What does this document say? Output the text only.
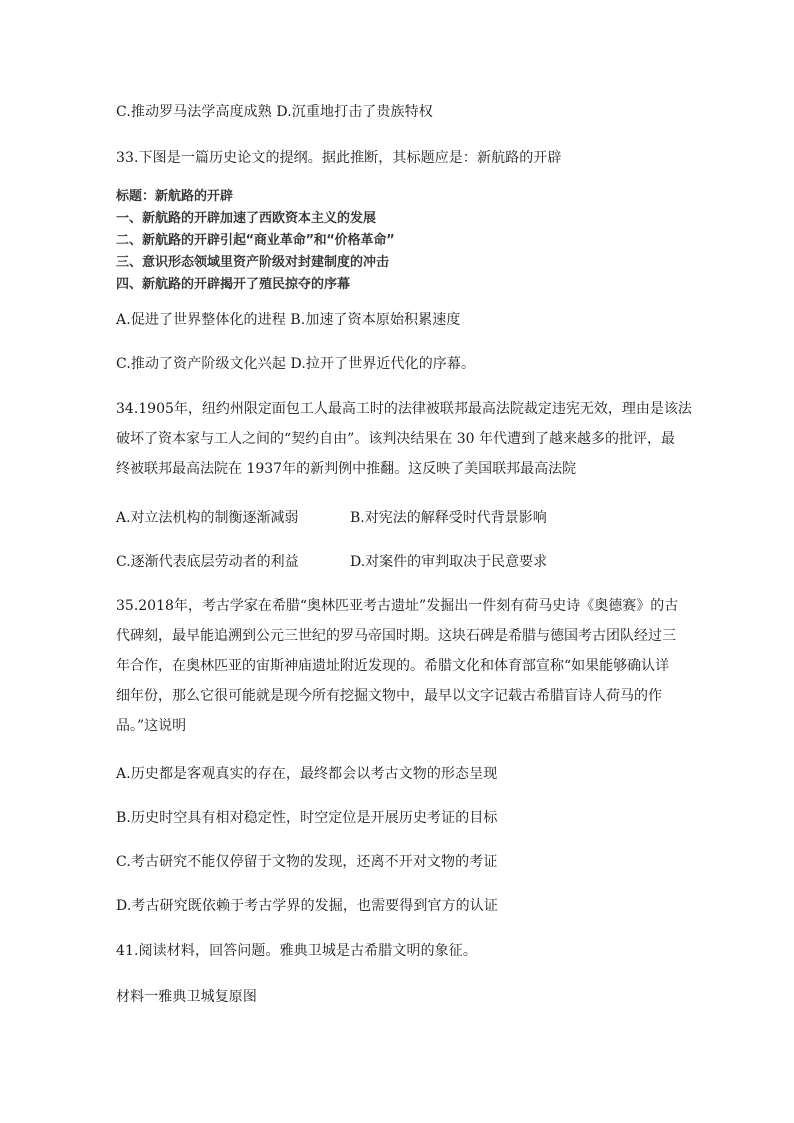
C.推动罗马法学高度成熟 D.沉重地打击了贵族特权
33.下图是一篇历史论文的提纲。据此推断，其标题应是：新航路的开辟
标题：新航路的开辟
一、新航路的开辟加速了西欧资本主义的发展
二、新航路的开辟引起“商业革命”和“价格革命”
三、意识形态领域里资产阶级对封建制度的冲击
四、新航路的开辟揭开了殖民掠夺的序幕
A.促进了世界整体化的进程 B.加速了资本原始积累速度
C.推动了资产阶级文化兴起 D.拉开了世界近代化的序幕。
34.1905年，纽约州限定面包工人最高工时的法律被联邦最高法院裁定违宪无效，理由是该法
破坏了资本家与工人之间的“契约自由”。该判决结果在 30 年代遭到了越来越多的批评，最
终被联邦最高法院在 1937年的新判例中推翻。这反映了美国联邦最高法院
A.对立法机构的制衡逐渐减弱	B.对宪法的解释受时代背景影响
C.逐渐代表底层劳动者的利益	D.对案件的审判取决于民意要求
35.2018年，考古学家在希腊“奥林匹亚考古遗址”发掘出一件刻有荷马史诗《奥德赛》的古
代碑刻，最早能追溯到公元三世纪的罗马帝国时期。这块石碑是希腊与德国考古团队经过三
年合作，在奥林匹亚的宙斯神庙遗址附近发现的。希腊文化和体育部宣称“如果能够确认详
细年份，那么它很可能就是现今所有挖掘文物中，最早以文字记载古希腊盲诗人荷马的作
品。”这说明
A.历史都是客观真实的存在，最终都会以考古文物的形态呈现
B.历史时空具有相对稳定性，时空定位是开展历史考证的目标
C.考古研究不能仅停留于文物的发现，还离不开对文物的考证
D.考古研究既依赖于考古学界的发掘，也需要得到官方的认证
41.阅读材料，回答问题。雅典卫城是古希腊文明的象征。
材料一雅典卫城复原图
